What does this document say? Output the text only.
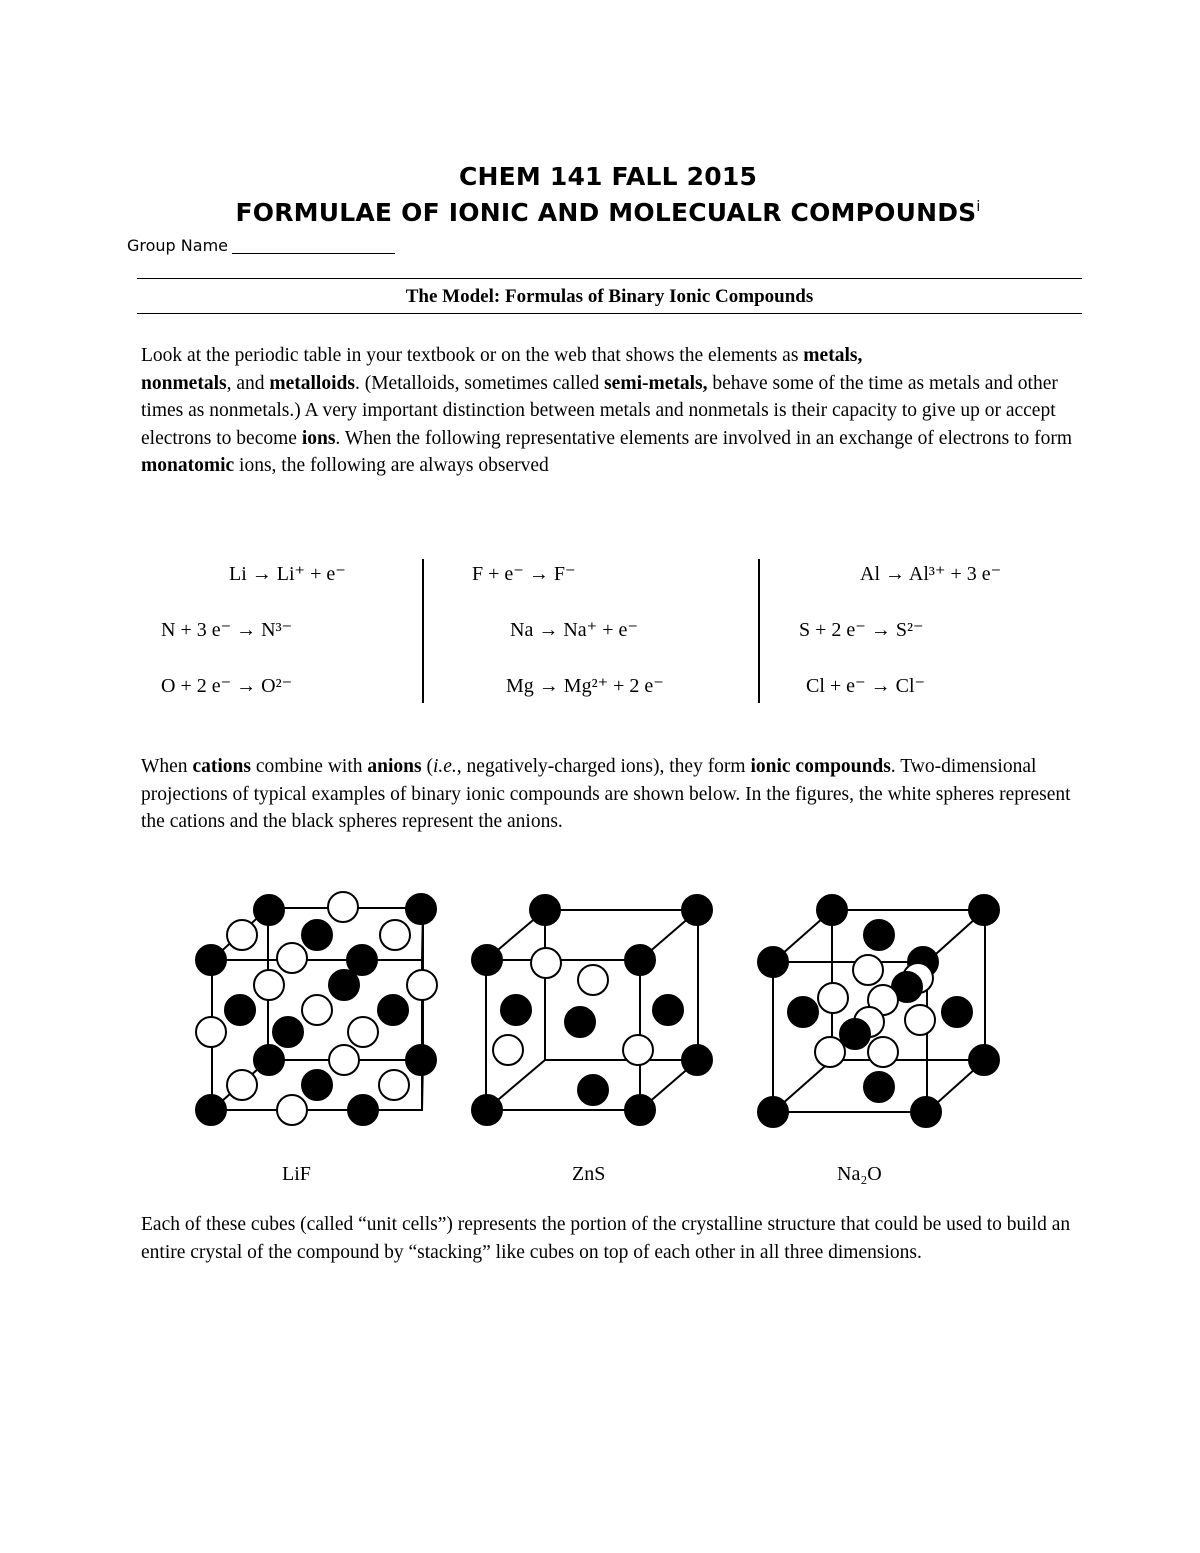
CHEM 141 FALL 2015
FORMULAE OF IONIC AND MOLECUALR COMPOUNDS$^i$
Group Name
The Model: Formulas of Binary Ionic Compounds
Look at the periodic table in your textbook or on the web that shows the elements as metals,
nonmetals, and metalloids. (Metalloids, sometimes called semi-metals, behave some of the time as metals and other times as nonmetals.) A very important distinction between metals and nonmetals is their capacity to give up or accept electrons to become ions. When the following representative elements are involved in an exchange of electrons to form monatomic ions, the following are always observed
Li → Li⁺ + e⁻
N + 3 e⁻ → N³⁻
O + 2 e⁻ → O²⁻
F + e⁻ → F⁻
Na → Na⁺ + e⁻
Mg → Mg²⁺ + 2 e⁻
Al → Al³⁺ + 3 e⁻
S + 2 e⁻ → S²⁻
Cl + e⁻ → Cl⁻
When cations combine with anions (i.e., negatively-charged ions), they form ionic compounds. Two-dimensional projections of typical examples of binary ionic compounds are shown below. In the figures, the white spheres represent the cations and the black spheres represent the anions.
LiF	ZnS	Na₂O
Each of these cubes (called “unit cells”) represents the portion of the crystalline structure that could be used to build an entire crystal of the compound by “stacking” like cubes on top of each other in all three dimensions.
